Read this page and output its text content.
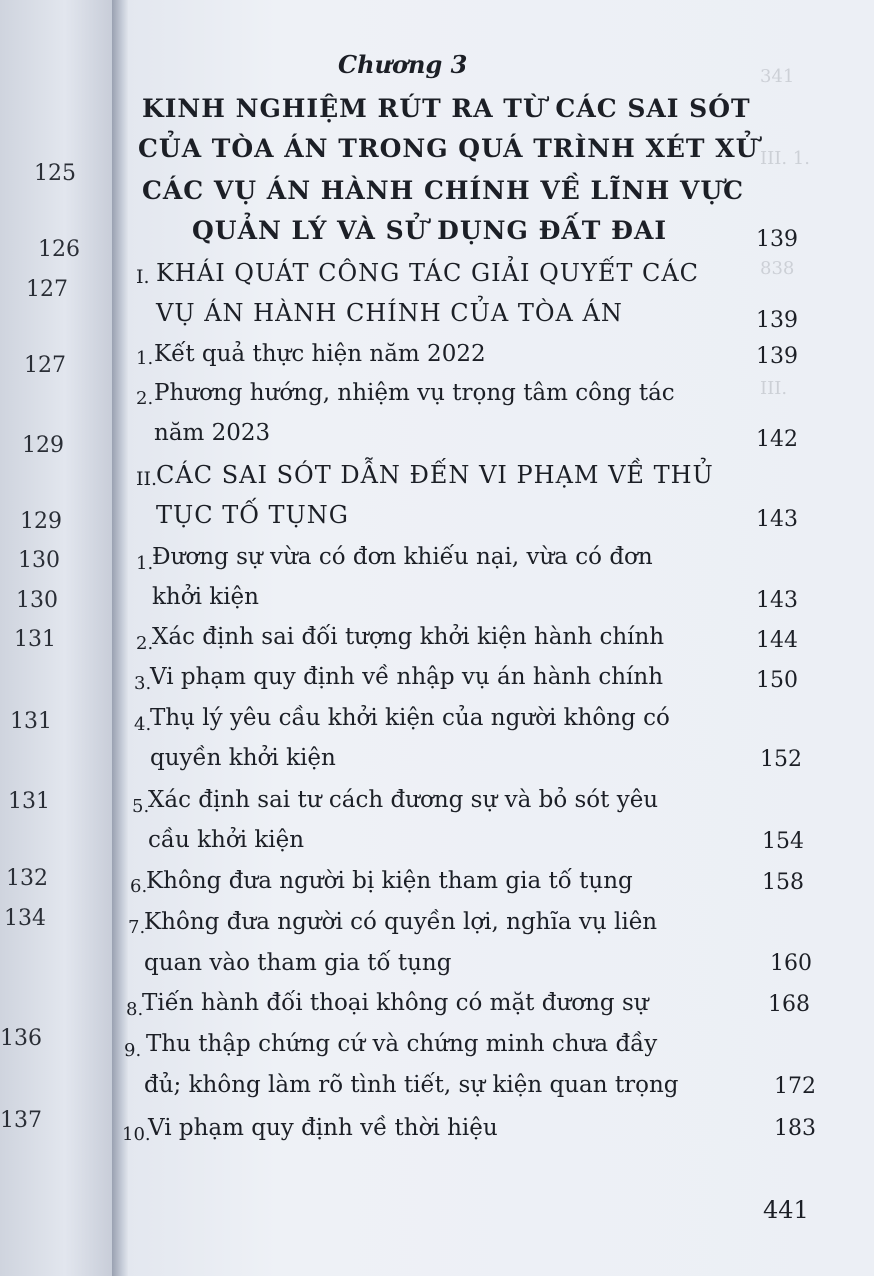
125
126
127
127
129
129
130
130
131
131
131
132
134
136
137
Chương 3
KINH NGHIỆM RÚT RA TỪ CÁC SAI SÓT
CỦA TÒA ÁN TRONG QUÁ TRÌNH XÉT XỬ
CÁC VỤ ÁN HÀNH CHÍNH VỀ LĨNH VỰC
QUẢN LÝ VÀ SỬ DỤNG ĐẤT ĐAI	139
I. KHÁI QUÁT CÔNG TÁC GIẢI QUYẾT CÁC
VỤ ÁN HÀNH CHÍNH CỦA TÒA ÁN	139
1. Kết quả thực hiện năm 2022	139
2. Phương hướng, nhiệm vụ trọng tâm công tác
năm 2023	142
II.
CÁC SAI SÓT DẪN ĐẾN VI PHẠM VỀ THỦ
TỤC TỐ TỤNG	143
1.
Đương sự vừa có đơn khiếu nại, vừa có đơn
khởi kiện	143
2.
Xác định sai đối tượng khởi kiện hành chính	144
3.
Vi phạm quy định về nhập vụ án hành chính	150
4.
Thụ lý yêu cầu khởi kiện của người không có
quyền khởi kiện	152
5.
Xác định sai tư cách đương sự và bỏ sót yêu
cầu khởi kiện	154
6.
Không đưa người bị kiện tham gia tố tụng	158
7.
Không đưa người có quyền lợi, nghĩa vụ liên
quan vào tham gia tố tụng	160
8.
Tiến hành đối thoại không có mặt đương sự	168
9. Thu thập chứng cứ và chứng minh chưa đầy
đủ; không làm rõ tình tiết, sự kiện quan trọng	172
10.
Vi phạm quy định về thời hiệu	183
441
